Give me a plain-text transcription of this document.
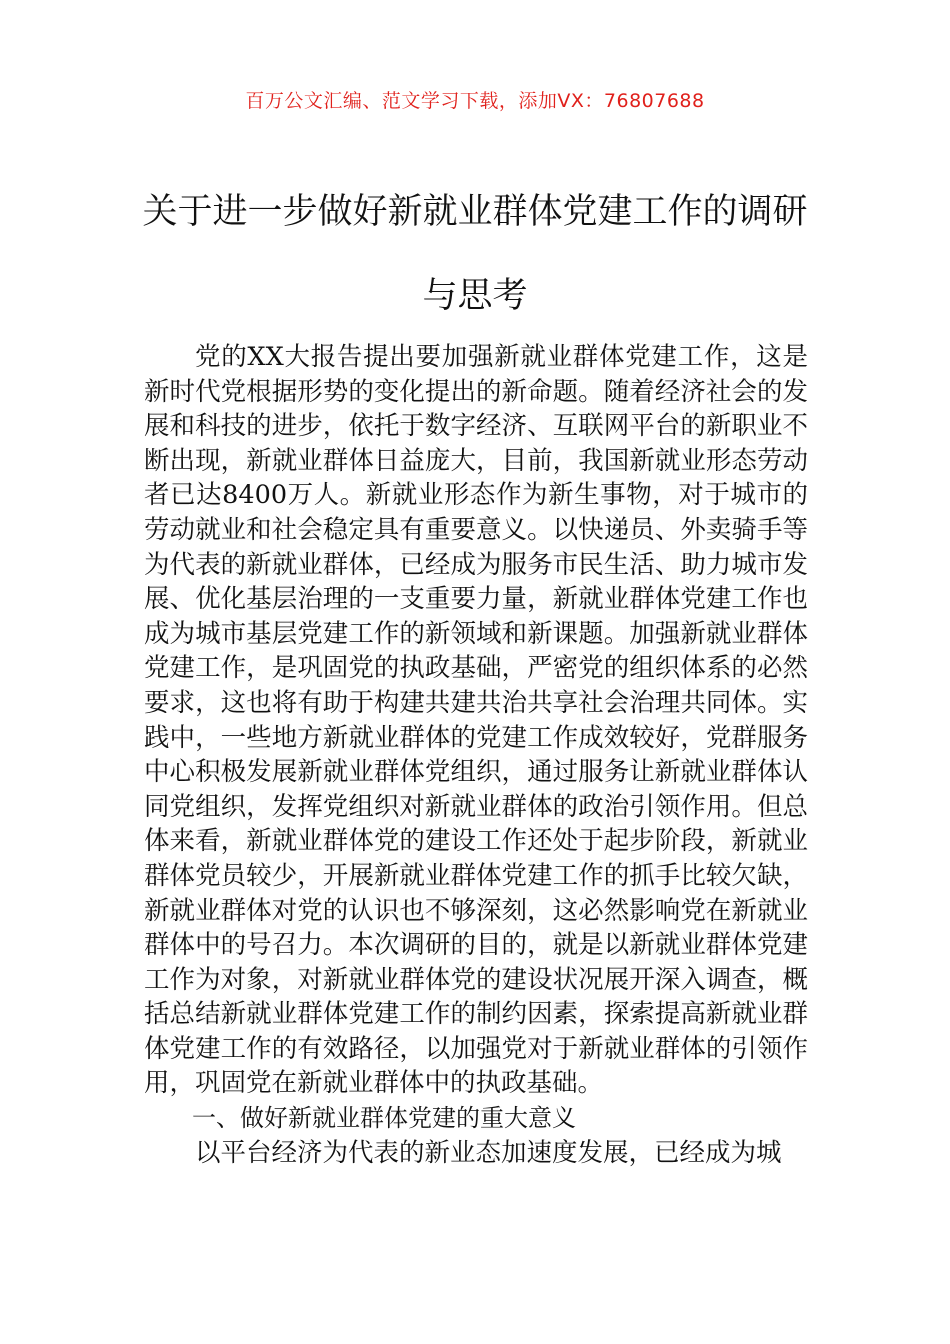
百万公文汇编、范文学习下载，添加VX：76807688
关于进一步做好新就业群体党建工作的调研与思考

党的XX大报告提出要加强新就业群体党建工作，这是新时代党根据形势的变化提出的新命题。随着经济社会的发展和科技的进步，依托于数字经济、互联网平台的新职业不断出现，新就业群体日益庞大，目前，我国新就业形态劳动者已达8400万人。新就业形态作为新生事物，对于城市的劳动就业和社会稳定具有重要意义。以快递员、外卖骑手等为代表的新就业群体，已经成为服务市民生活、助力城市发展、优化基层治理的一支重要力量，新就业群体党建工作也成为城市基层党建工作的新领域和新课题。加强新就业群体党建工作，是巩固党的执政基础，严密党的组织体系的必然要求，这也将有助于构建共建共治共享社会治理共同体。实践中，一些地方新就业群体的党建工作成效较好，党群服务中心积极发展新就业群体党组织，通过服务让新就业群体认同党组织，发挥党组织对新就业群体的政治引领作用。但总体来看，新就业群体党的建设工作还处于起步阶段，新就业群体党员较少，开展新就业群体党建工作的抓手比较欠缺，新就业群体对党的认识也不够深刻，这必然影响党在新就业群体中的号召力。本次调研的目的，就是以新就业群体党建工作为对象，对新就业群体党的建设状况展开深入调查，概括总结新就业群体党建工作的制约因素，探索提高新就业群体党建工作的有效路径，以加强党对于新就业群体的引领作用，巩固党在新就业群体中的执政基础。

一、做好新就业群体党建的重大意义

以平台经济为代表的新业态加速度发展，已经成为城
